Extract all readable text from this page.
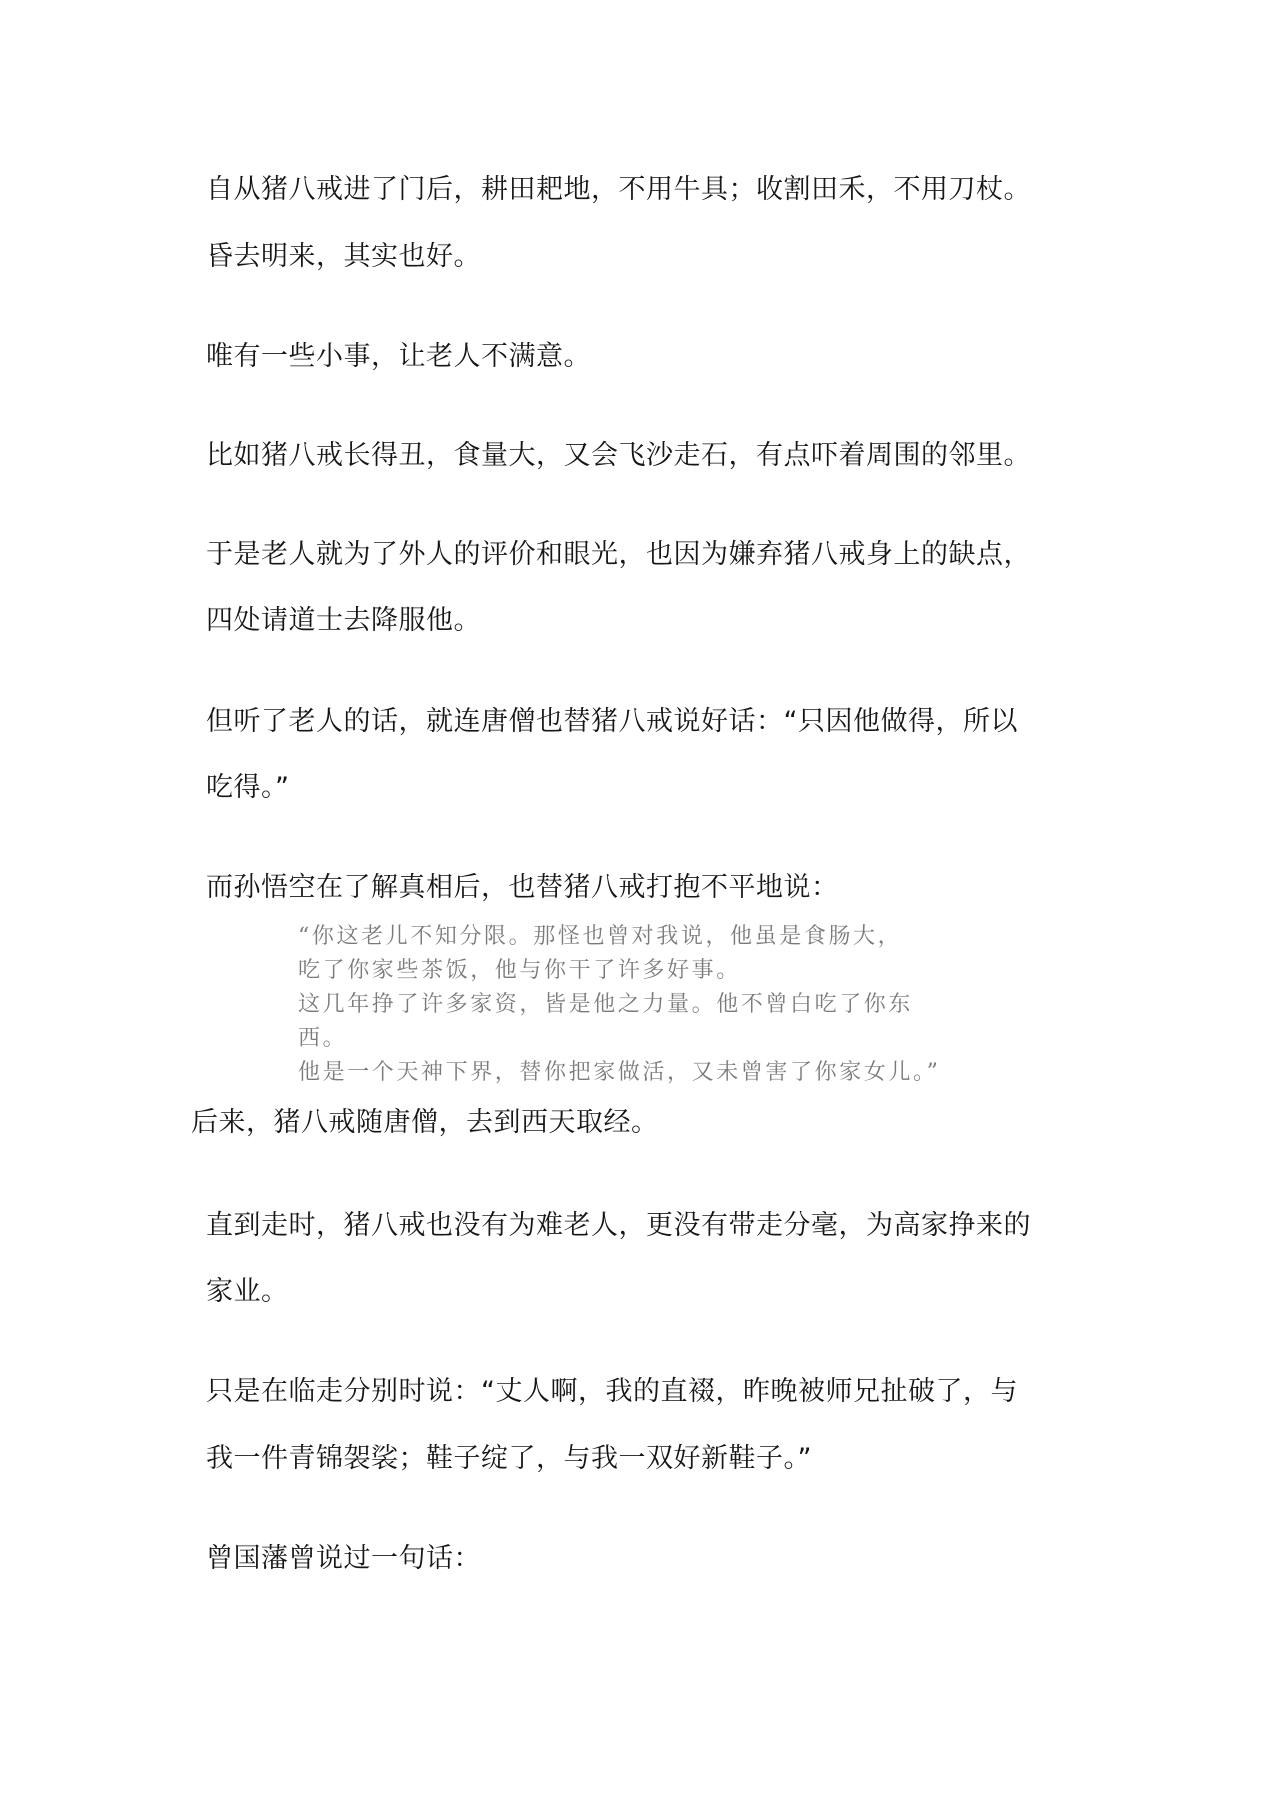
自从猪八戒进了门后，耕田耙地，不用牛具；收割田禾，不用刀杖。
昏去明来，其实也好。
唯有一些小事，让老人不满意。
比如猪八戒长得丑，食量大，又会飞沙走石，有点吓着周围的邻里。
于是老人就为了外人的评价和眼光，也因为嫌弃猪八戒身上的缺点，
四处请道士去降服他。
但听了老人的话，就连唐僧也替猪八戒说好话：“只因他做得，所以
吃得。”
而孙悟空在了解真相后，也替猪八戒打抱不平地说：
“你这老儿不知分限。那怪也曾对我说，他虽是食肠大，
吃了你家些茶饭，他与你干了许多好事。
这几年挣了许多家资，皆是他之力量。他不曾白吃了你东
西。
他是一个天神下界，替你把家做活，又未曾害了你家女儿。”
后来，猪八戒随唐僧，去到西天取经。
直到走时，猪八戒也没有为难老人，更没有带走分毫，为高家挣来的
家业。
只是在临走分别时说：“丈人啊，我的直裰，昨晚被师兄扯破了，与
我一件青锦袈裟；鞋子绽了，与我一双好新鞋子。”
曾国藩曾说过一句话：
